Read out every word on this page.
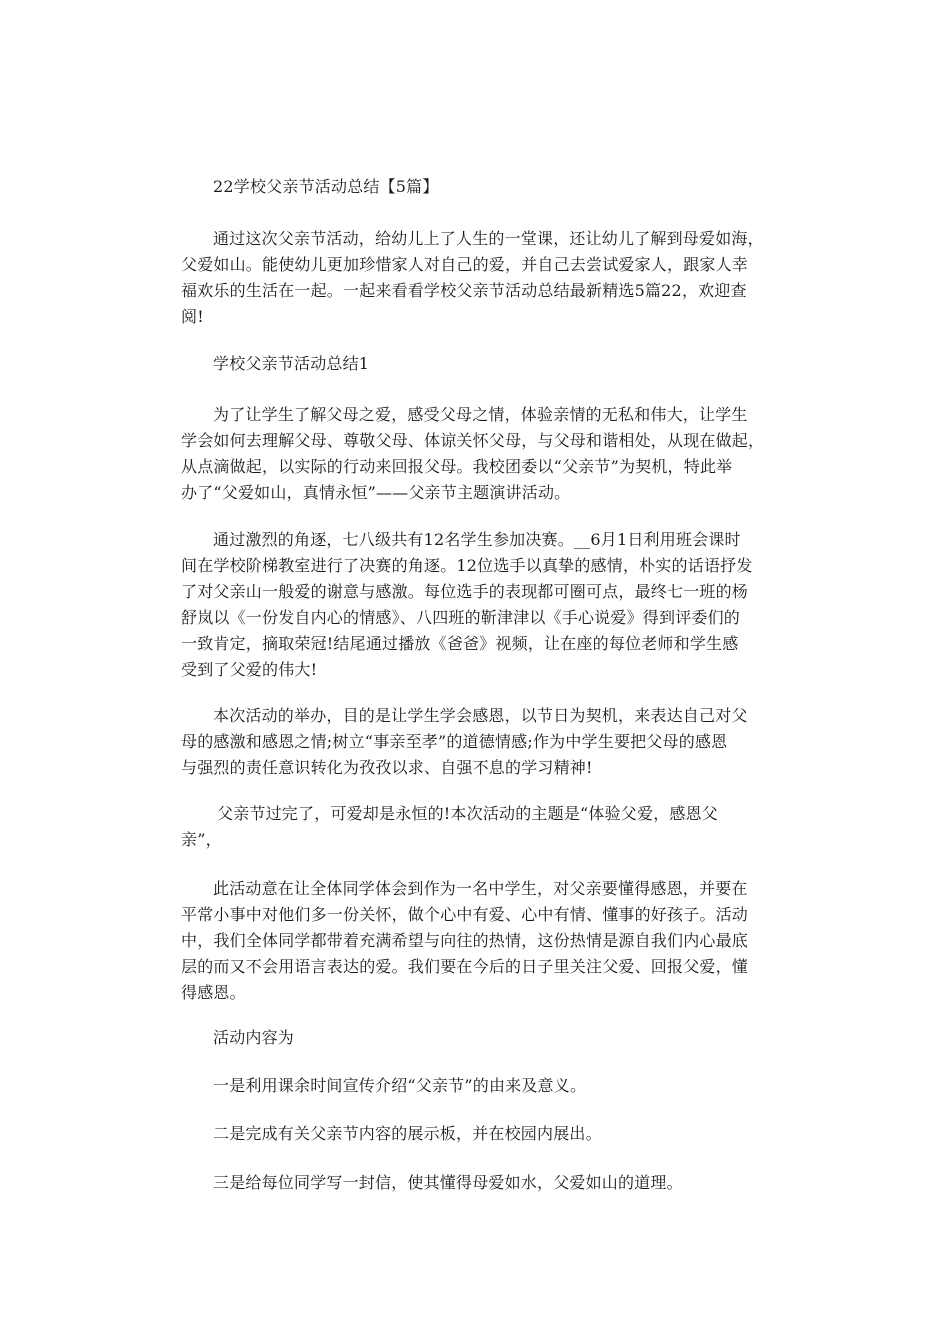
22学校父亲节活动总结【5篇】
通过这次父亲节活动，给幼儿上了人生的一堂课，还让幼儿了解到母爱如海，
父爱如山。能使幼儿更加珍惜家人对自己的爱，并自己去尝试爱家人，跟家人幸
福欢乐的生活在一起。一起来看看学校父亲节活动总结最新精选5篇22，欢迎查
阅!
学校父亲节活动总结1
为了让学生了解父母之爱，感受父母之情，体验亲情的无私和伟大，让学生
学会如何去理解父母、尊敬父母、体谅关怀父母，与父母和谐相处，从现在做起，
从点滴做起，以实际的行动来回报父母。我校团委以“父亲节”为契机，特此举
办了“父爱如山，真情永恒”——父亲节主题演讲活动。
通过激烈的角逐，七八级共有12名学生参加决赛。__6月1日利用班会课时
间在学校阶梯教室进行了决赛的角逐。12位选手以真挚的感情，朴实的话语抒发
了对父亲山一般爱的谢意与感激。每位选手的表现都可圈可点，最终七一班的杨
舒岚以《一份发自内心的情感》、八四班的靳津津以《手心说爱》得到评委们的
一致肯定，摘取荣冠!结尾通过播放《爸爸》视频，让在座的每位老师和学生感
受到了父爱的伟大!
本次活动的举办，目的是让学生学会感恩，以节日为契机，来表达自己对父
母的感激和感恩之情;树立“事亲至孝”的道德情感;作为中学生要把父母的感恩
与强烈的责任意识转化为孜孜以求、自强不息的学习精神!
父亲节过完了，可爱却是永恒的!本次活动的主题是“体验父爱，感恩父
亲”，
此活动意在让全体同学体会到作为一名中学生，对父亲要懂得感恩，并要在
平常小事中对他们多一份关怀，做个心中有爱、心中有情、懂事的好孩子。活动
中，我们全体同学都带着充满希望与向往的热情，这份热情是源自我们内心最底
层的而又不会用语言表达的爱。我们要在今后的日子里关注父爱、回报父爱，懂
得感恩。
活动内容为
一是利用课余时间宣传介绍“父亲节”的由来及意义。
二是完成有关父亲节内容的展示板，并在校园内展出。
三是给每位同学写一封信，使其懂得母爱如水，父爱如山的道理。
